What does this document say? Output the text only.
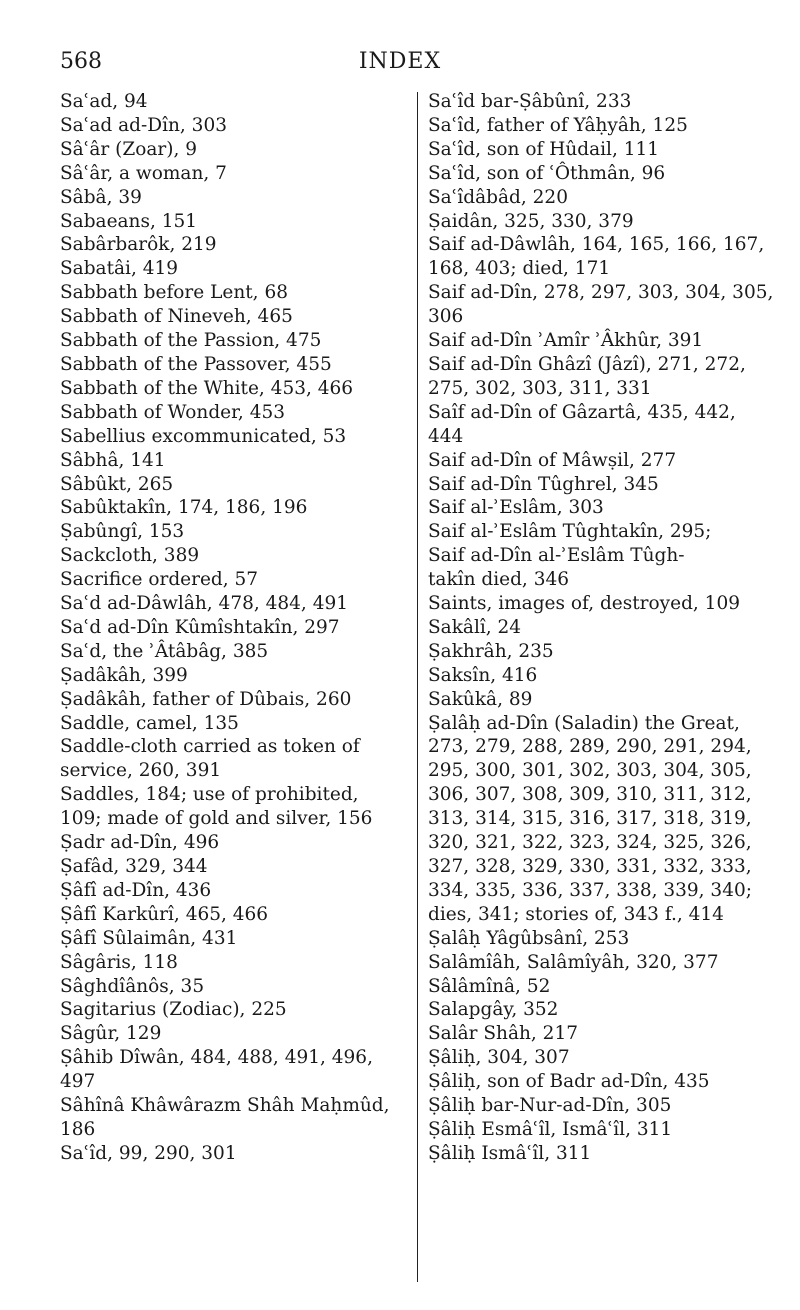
568	INDEX
Saʿad, 94
Saʿad ad-Dîn, 303
Sâʿâr (Zoar), 9
Sâʿâr, a woman, 7
Sâbâ, 39
Sabaeans, 151
Sabârbarôk, 219
Sabatâi, 419
Sabbath before Lent, 68
Sabbath of Nineveh, 465
Sabbath of the Passion, 475
Sabbath of the Passover, 455
Sabbath of the White, 453, 466
Sabbath of Wonder, 453
Sabellius excommunicated, 53
Sâbhâ, 141
Sâbûkt, 265
Sabûktakîn, 174, 186, 196
Ṣabûngî, 153
Sackcloth, 389
Sacrifice ordered, 57
Saʿd ad-Dâwlâh, 478, 484, 491
Saʿd ad-Dîn Kûmîshtakîn, 297
Saʿd, the ʾÂtâbâg, 385
Ṣadâkâh, 399
Ṣadâkâh, father of Dûbais, 260
Saddle, camel, 135
Saddle-cloth carried as token of
service, 260, 391
Saddles, 184; use of prohibited,
109; made of gold and silver, 156
Ṣadr ad-Dîn, 496
Ṣafâd, 329, 344
Ṣâfî ad-Dîn, 436
Ṣâfî Karkûrî, 465, 466
Ṣâfî Sûlaimân, 431
Sâgâris, 118
Sâghdîânôs, 35
Sagitarius (Zodiac), 225
Sâgûr, 129
Ṣâhib Dîwân, 484, 488, 491, 496,
497
Sâhînâ Khâwârazm Shâh Maḥmûd,
186
Saʿîd, 99, 290, 301
Saʿîd bar-Ṣâbûnî, 233
Saʿîd, father of Yâḥyâh, 125
Saʿîd, son of Hûdail, 111
Saʿîd, son of ʿÔthmân, 96
Saʿîdâbâd, 220
Ṣaidân, 325, 330, 379
Saif ad-Dâwlâh, 164, 165, 166, 167,
168, 403; died, 171
Saif ad-Dîn, 278, 297, 303, 304, 305,
306
Saif ad-Dîn ʾAmîr ʾÂkhûr, 391
Saif ad-Dîn Ghâzî (Jâzî), 271, 272,
275, 302, 303, 311, 331
Saîf ad-Dîn of Gâzartâ, 435, 442,
444
Saif ad-Dîn of Mâwṣil, 277
Saif ad-Dîn Tûghrel, 345
Saif al-ʾEslâm, 303
Saif al-ʾEslâm Tûghtakîn, 295;
Saif ad-Dîn al-ʾEslâm Tûgh-
takîn died, 346
Saints, images of, destroyed, 109
Sakâlî, 24
Ṣakhrâh, 235
Saksîn, 416
Sakûkâ, 89
Ṣalâḥ ad-Dîn (Saladin) the Great,
273, 279, 288, 289, 290, 291, 294,
295, 300, 301, 302, 303, 304, 305,
306, 307, 308, 309, 310, 311, 312,
313, 314, 315, 316, 317, 318, 319,
320, 321, 322, 323, 324, 325, 326,
327, 328, 329, 330, 331, 332, 333,
334, 335, 336, 337, 338, 339, 340;
dies, 341; stories of, 343 f., 414
Ṣalâḥ Yâgûbsânî, 253
Salâmîâh, Salâmîyâh, 320, 377
Sâlâmînâ, 52
Salapgây, 352
Salâr Shâh, 217
Ṣâliḥ, 304, 307
Ṣâliḥ, son of Badr ad-Dîn, 435
Ṣâliḥ bar-Nur-ad-Dîn, 305
Ṣâliḥ Esmâʿîl, Ismâʿîl, 311
Ṣâliḥ Ismâʿîl, 311
